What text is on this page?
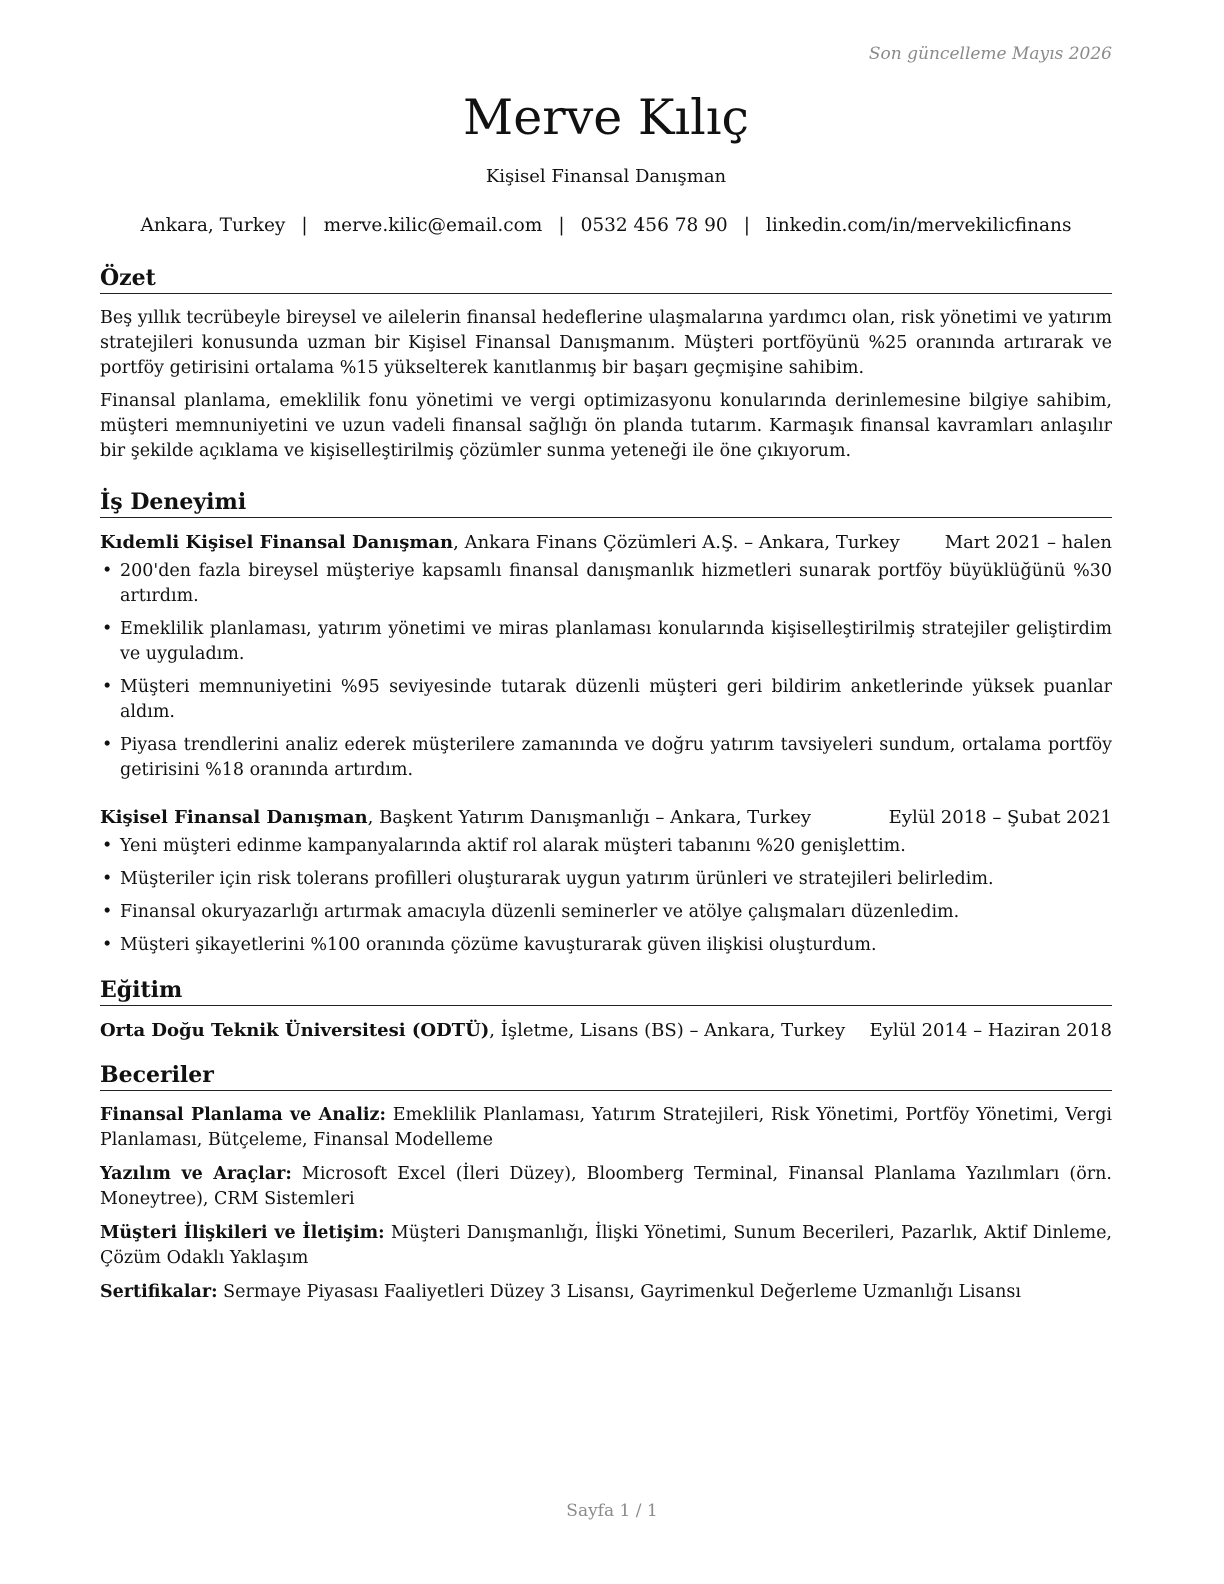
Son güncelleme Mayıs 2026
Merve Kılıç
Kişisel Finansal Danışman
Ankara, Turkey | merve.kilic@email.com | 0532 456 78 90 | linkedin.com/in/mervekilicfinans
Özet

Beş yıllık tecrübeyle bireysel ve ailelerin finansal hedeflerine ulaşmalarına yardımcı olan, risk yönetimi ve yatırım stratejileri konusunda uzman bir Kişisel Finansal Danışmanım. Müşteri portföyünü %25 oranında artırarak ve portföy getirisini ortalama %15 yükselterek kanıtlanmış bir başarı geçmişine sahibim.

Finansal planlama, emeklilik fonu yönetimi ve vergi optimizasyonu konularında derinlemesine bilgiye sahibim, müşteri memnuniyetini ve uzun vadeli finansal sağlığı ön planda tutarım. Karmaşık finansal kavramları anlaşılır bir şekilde açıklama ve kişiselleştirilmiş çözümler sunma yeteneği ile öne çıkıyorum.

İş Deneyimi
Kıdemli Kişisel Finansal Danışman, Ankara Finans Çözümleri A.Ş. – Ankara, Turkey Mart 2021 – halen
• 200'den fazla bireysel müşteriye kapsamlı finansal danışmanlık hizmetleri sunarak portföy büyüklüğünü %30 artırdım.
• Emeklilik planlaması, yatırım yönetimi ve miras planlaması konularında kişiselleştirilmiş stratejiler geliştirdim ve uyguladım.
• Müşteri memnuniyetini %95 seviyesinde tutarak düzenli müşteri geri bildirim anketlerinde yüksek puanlar aldım.
• Piyasa trendlerini analiz ederek müşterilere zamanında ve doğru yatırım tavsiyeleri sundum, ortalama portföy getirisini %18 oranında artırdım.
Kişisel Finansal Danışman, Başkent Yatırım Danışmanlığı – Ankara, Turkey	Eylül 2018 – Şubat 2021
• Yeni müşteri edinme kampanyalarında aktif rol alarak müşteri tabanını %20 genişlettim.
• Müşteriler için risk tolerans profilleri oluşturarak uygun yatırım ürünleri ve stratejileri belirledim.
• Finansal okuryazarlığı artırmak amacıyla düzenli seminerler ve atölye çalışmaları düzenledim.
• Müşteri şikayetlerini %100 oranında çözüme kavuşturarak güven ilişkisi oluşturdum.
Eğitim
Orta Doğu Teknik Üniversitesi (ODTÜ), İşletme, Lisans (BS) – Ankara, Turkey Eylül 2014 – Haziran 2018
Beceriler
Finansal Planlama ve Analiz: Emeklilik Planlaması, Yatırım Stratejileri, Risk Yönetimi, Portföy Yönetimi, Vergi Planlaması, Bütçeleme, Finansal Modelleme
Yazılım ve Araçlar: Microsoft Excel (İleri Düzey), Bloomberg Terminal, Finansal Planlama Yazılımları (örn. Moneytree), CRM Sistemleri
Müşteri İlişkileri ve İletişim: Müşteri Danışmanlığı, İlişki Yönetimi, Sunum Becerileri, Pazarlık, Aktif Dinleme, Çözüm Odaklı Yaklaşım
Sertifikalar: Sermaye Piyasası Faaliyetleri Düzey 3 Lisansı, Gayrimenkul Değerleme Uzmanlığı Lisansı
Sayfa 1 / 1
